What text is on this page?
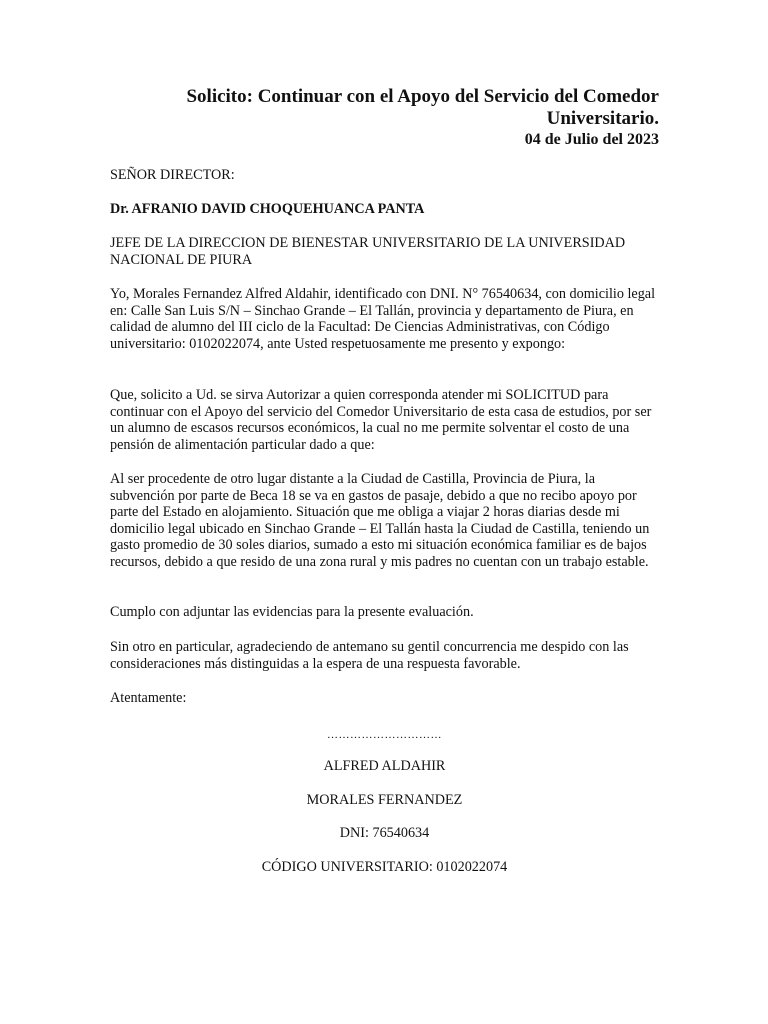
Solicito: Continuar con el Apoyo del Servicio del Comedor Universitario.
04 de Julio del 2023
SEÑOR DIRECTOR:
Dr. AFRANIO DAVID CHOQUEHUANCA PANTA
JEFE DE LA DIRECCION DE BIENESTAR UNIVERSITARIO DE LA UNIVERSIDAD NACIONAL DE PIURA
Yo, Morales Fernandez Alfred Aldahir, identificado con DNI. N° 76540634, con domicilio legal en: Calle San Luis S/N – Sinchao Grande – El Tallán, provincia y departamento de Piura, en calidad de alumno del III ciclo de la Facultad: De Ciencias Administrativas, con Código universitario: 0102022074, ante Usted respetuosamente me presento y expongo:
Que, solicito a Ud. se sirva Autorizar a quien corresponda atender mi SOLICITUD para continuar con el Apoyo del servicio del Comedor Universitario de esta casa de estudios, por ser un alumno de escasos recursos económicos, la cual no me permite solventar el costo de una pensión de alimentación particular dado a que:
Al ser procedente de otro lugar distante a la Ciudad de Castilla, Provincia de Piura, la subvención por parte de Beca 18 se va en gastos de pasaje, debido a que no recibo apoyo por parte del Estado en alojamiento. Situación que me obliga a viajar 2 horas diarias desde mi domicilio legal ubicado en Sinchao Grande – El Tallán hasta la Ciudad de Castilla, teniendo un gasto promedio de 30 soles diarios, sumado a esto mi situación económica familiar es de bajos recursos, debido a que resido de una zona rural y mis padres no cuentan con un trabajo estable.
Cumplo con adjuntar las evidencias para la presente evaluación.
Sin otro en particular, agradeciendo de antemano su gentil concurrencia me despido con las consideraciones más distinguidas a la espera de una respuesta favorable.
Atentamente:
…………………………
ALFRED ALDAHIR
MORALES FERNANDEZ
DNI: 76540634
CÓDIGO UNIVERSITARIO: 0102022074
